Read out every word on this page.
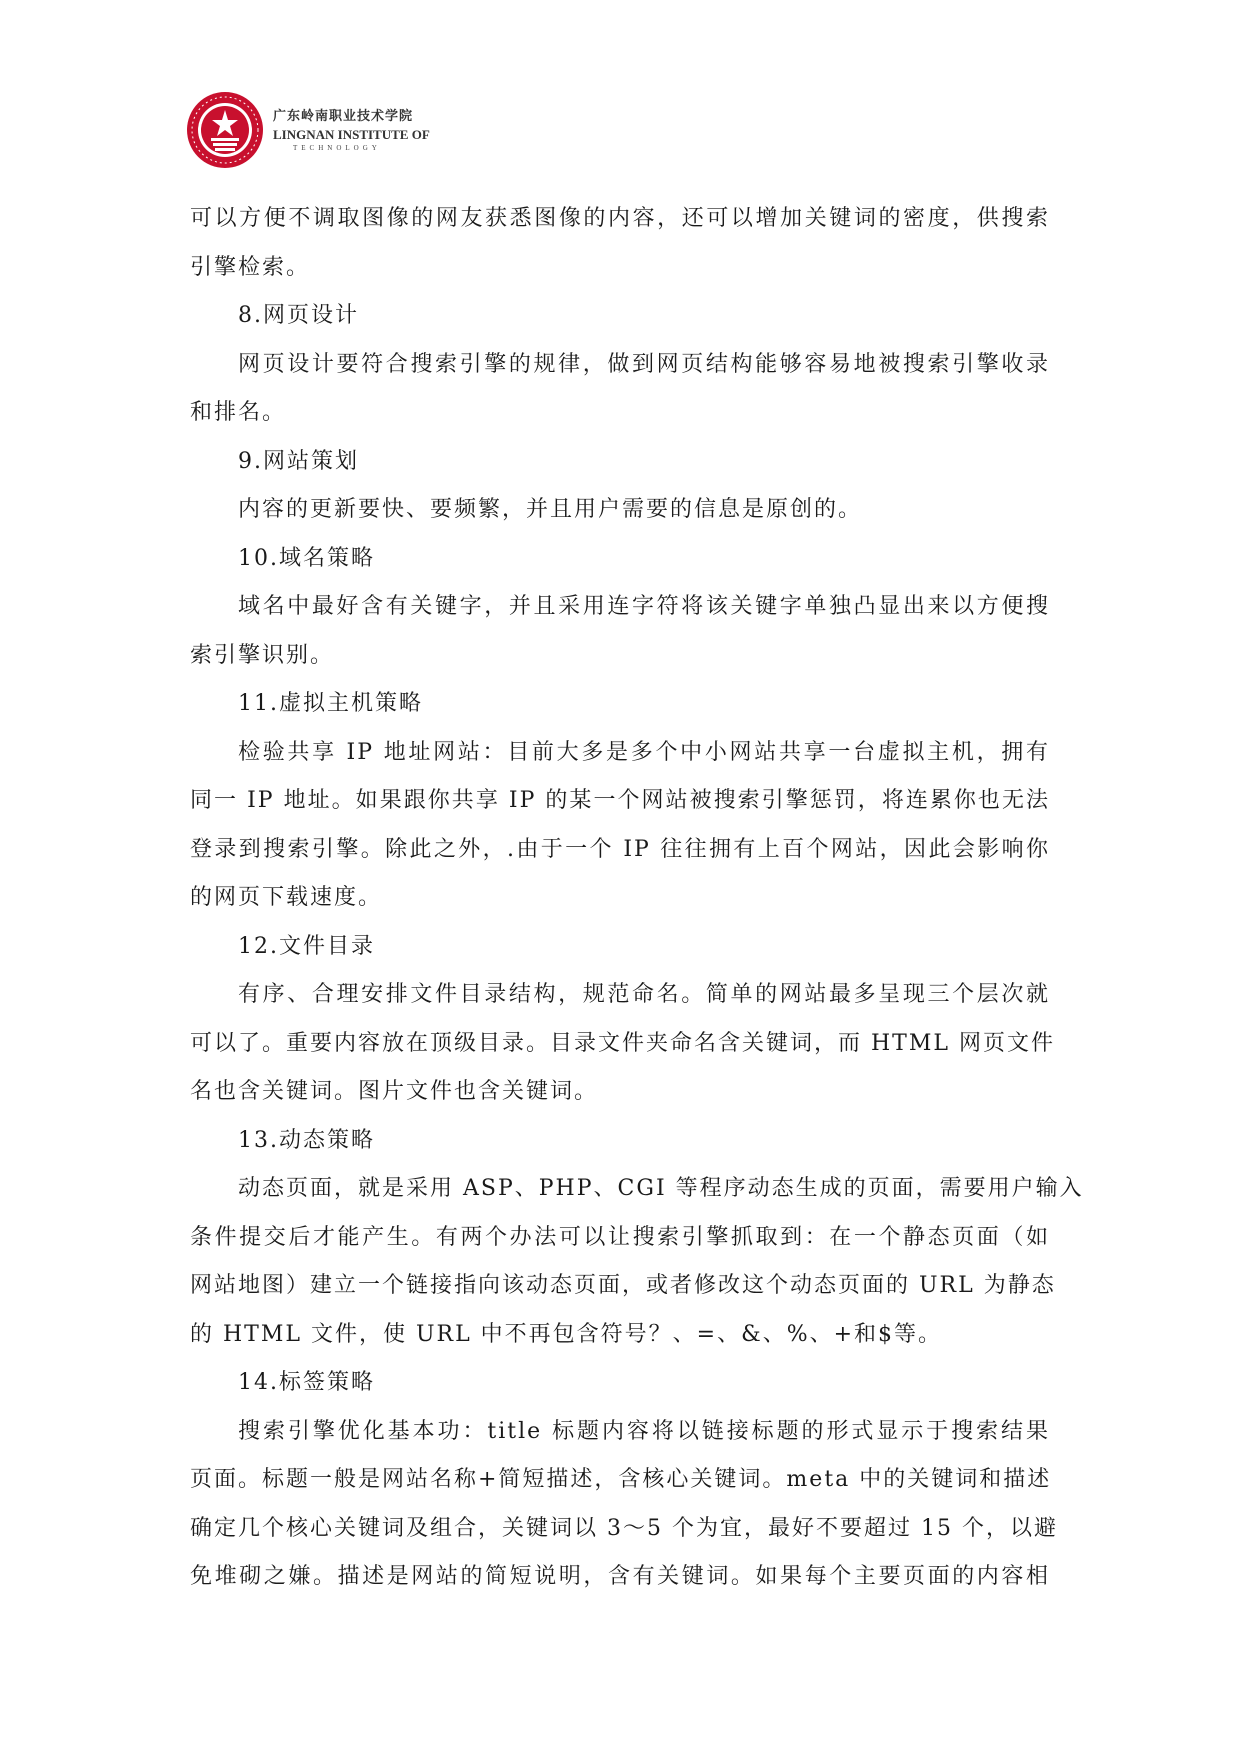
广东岭南职业技术学院
LINGNAN INSTITUTE OF
TECHNOLOGY
可以方便不调取图像的网友获悉图像的内容，还可以增加关键词的密度，供搜索
引擎检索。
8.网页设计
网页设计要符合搜索引擎的规律，做到网页结构能够容易地被搜索引擎收录
和排名。
9.网站策划
内容的更新要快、要频繁，并且用户需要的信息是原创的。
10.域名策略
域名中最好含有关键字，并且采用连字符将该关键字单独凸显出来以方便搜
索引擎识别。
11.虚拟主机策略
检验共享 IP 地址网站：目前大多是多个中小网站共享一台虚拟主机，拥有
同一 IP 地址。如果跟你共享 IP 的某一个网站被搜索引擎惩罚，将连累你也无法
登录到搜索引擎。除此之外，.由于一个 IP 往往拥有上百个网站，因此会影响你
的网页下载速度。
12.文件目录
有序、合理安排文件目录结构，规范命名。简单的网站最多呈现三个层次就
可以了。重要内容放在顶级目录。目录文件夹命名含关键词，而 HTML 网页文件
名也含关键词。图片文件也含关键词。
13.动态策略
动态页面，就是采用 ASP、PHP、CGI 等程序动态生成的页面，需要用户输入
条件提交后才能产生。有两个办法可以让搜索引擎抓取到：在一个静态页面（如
网站地图）建立一个链接指向该动态页面，或者修改这个动态页面的 URL 为静态
的 HTML 文件，使 URL 中不再包含符号？、=、&、%、+和$等。
14.标签策略
搜索引擎优化基本功：title 标题内容将以链接标题的形式显示于搜索结果
页面。标题一般是网站名称+简短描述，含核心关键词。meta 中的关键词和描述
确定几个核心关键词及组合，关键词以 3～5 个为宜，最好不要超过 15 个，以避
免堆砌之嫌。描述是网站的简短说明，含有关键词。如果每个主要页面的内容相
